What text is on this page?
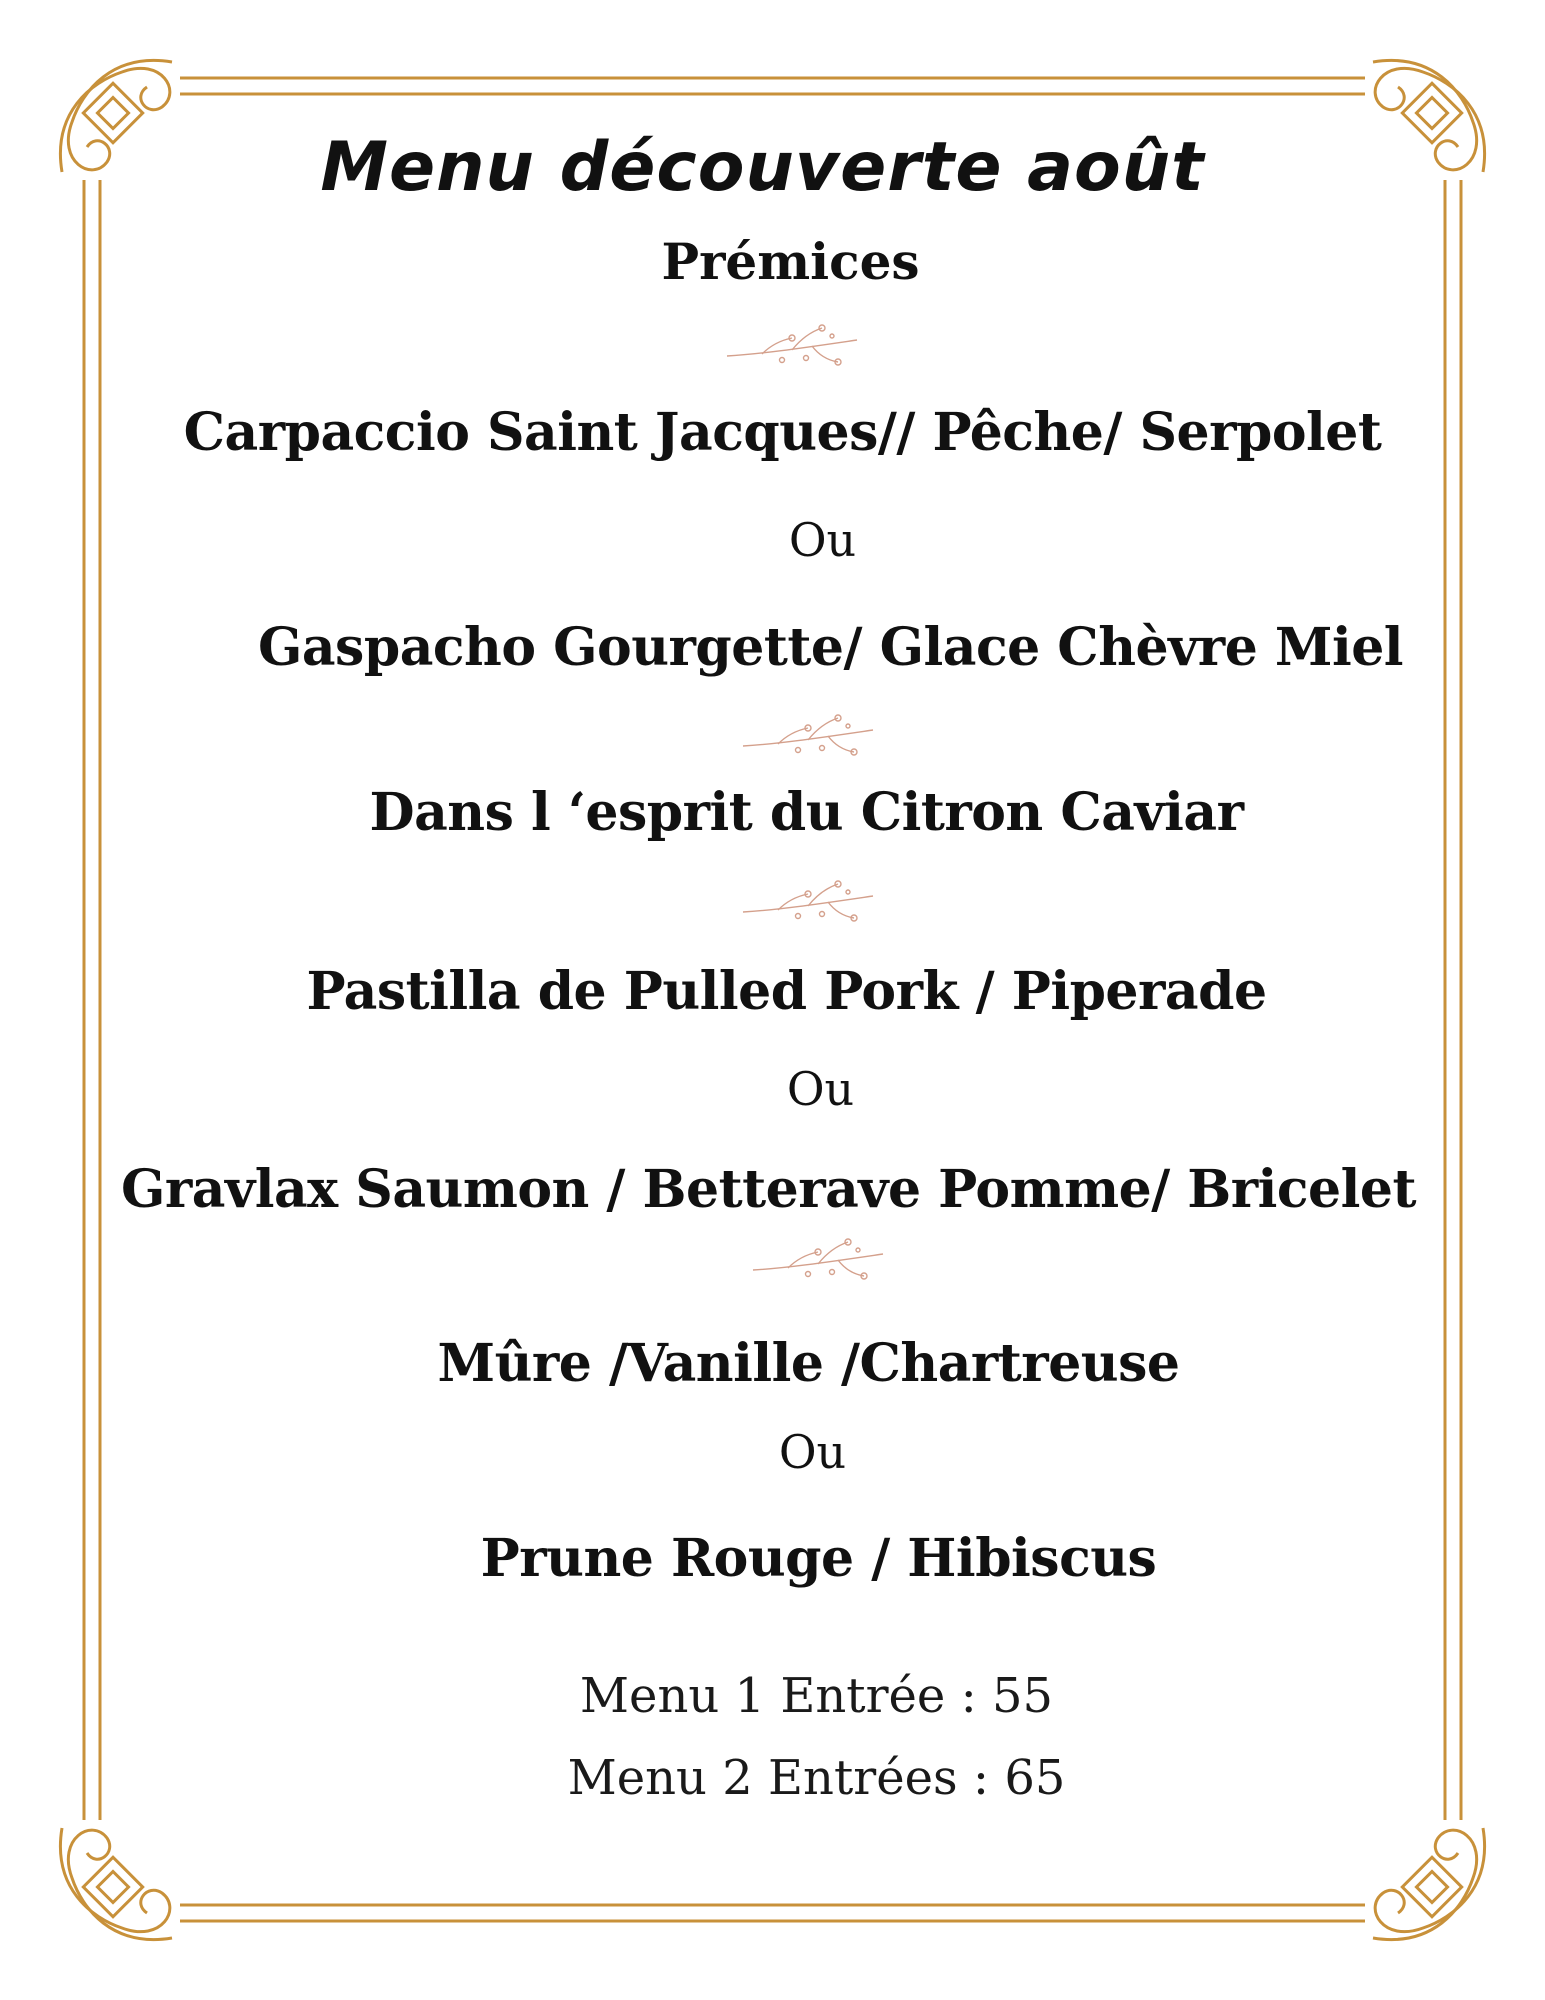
Menu découverte août
Prémices
Carpaccio Saint Jacques// Pêche/ Serpolet
Ou
Gaspacho Gourgette/ Glace Chèvre Miel
Dans l ‘esprit du Citron Caviar
Pastilla de Pulled Pork / Piperade
Ou
Gravlax Saumon / Betterave Pomme/ Bricelet
Mûre /Vanille /Chartreuse
Ou
Prune Rouge / Hibiscus
Menu 1 Entrée : 55
Menu 2 Entrées : 65
